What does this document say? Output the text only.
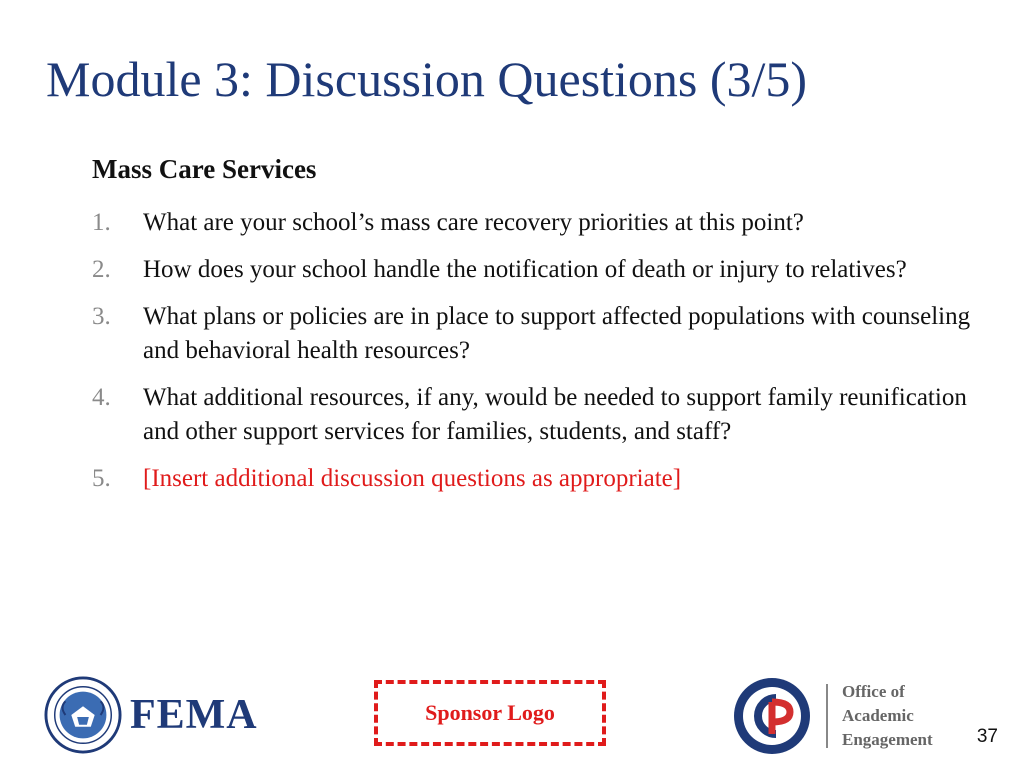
Module 3: Discussion Questions (3/5)
Mass Care Services
1.	What are your school’s mass care recovery priorities at this point?
2.	How does your school handle the notification of death or injury to relatives?
3.	What plans or policies are in place to support affected populations with counseling and behavioral health resources?
4.	What additional resources, if any, would be needed to support family reunification and other support services for families, students, and staff?
5.	[Insert additional discussion questions as appropriate]
FEMA	Sponsor Logo
Office of
Academic
Engagement 37
